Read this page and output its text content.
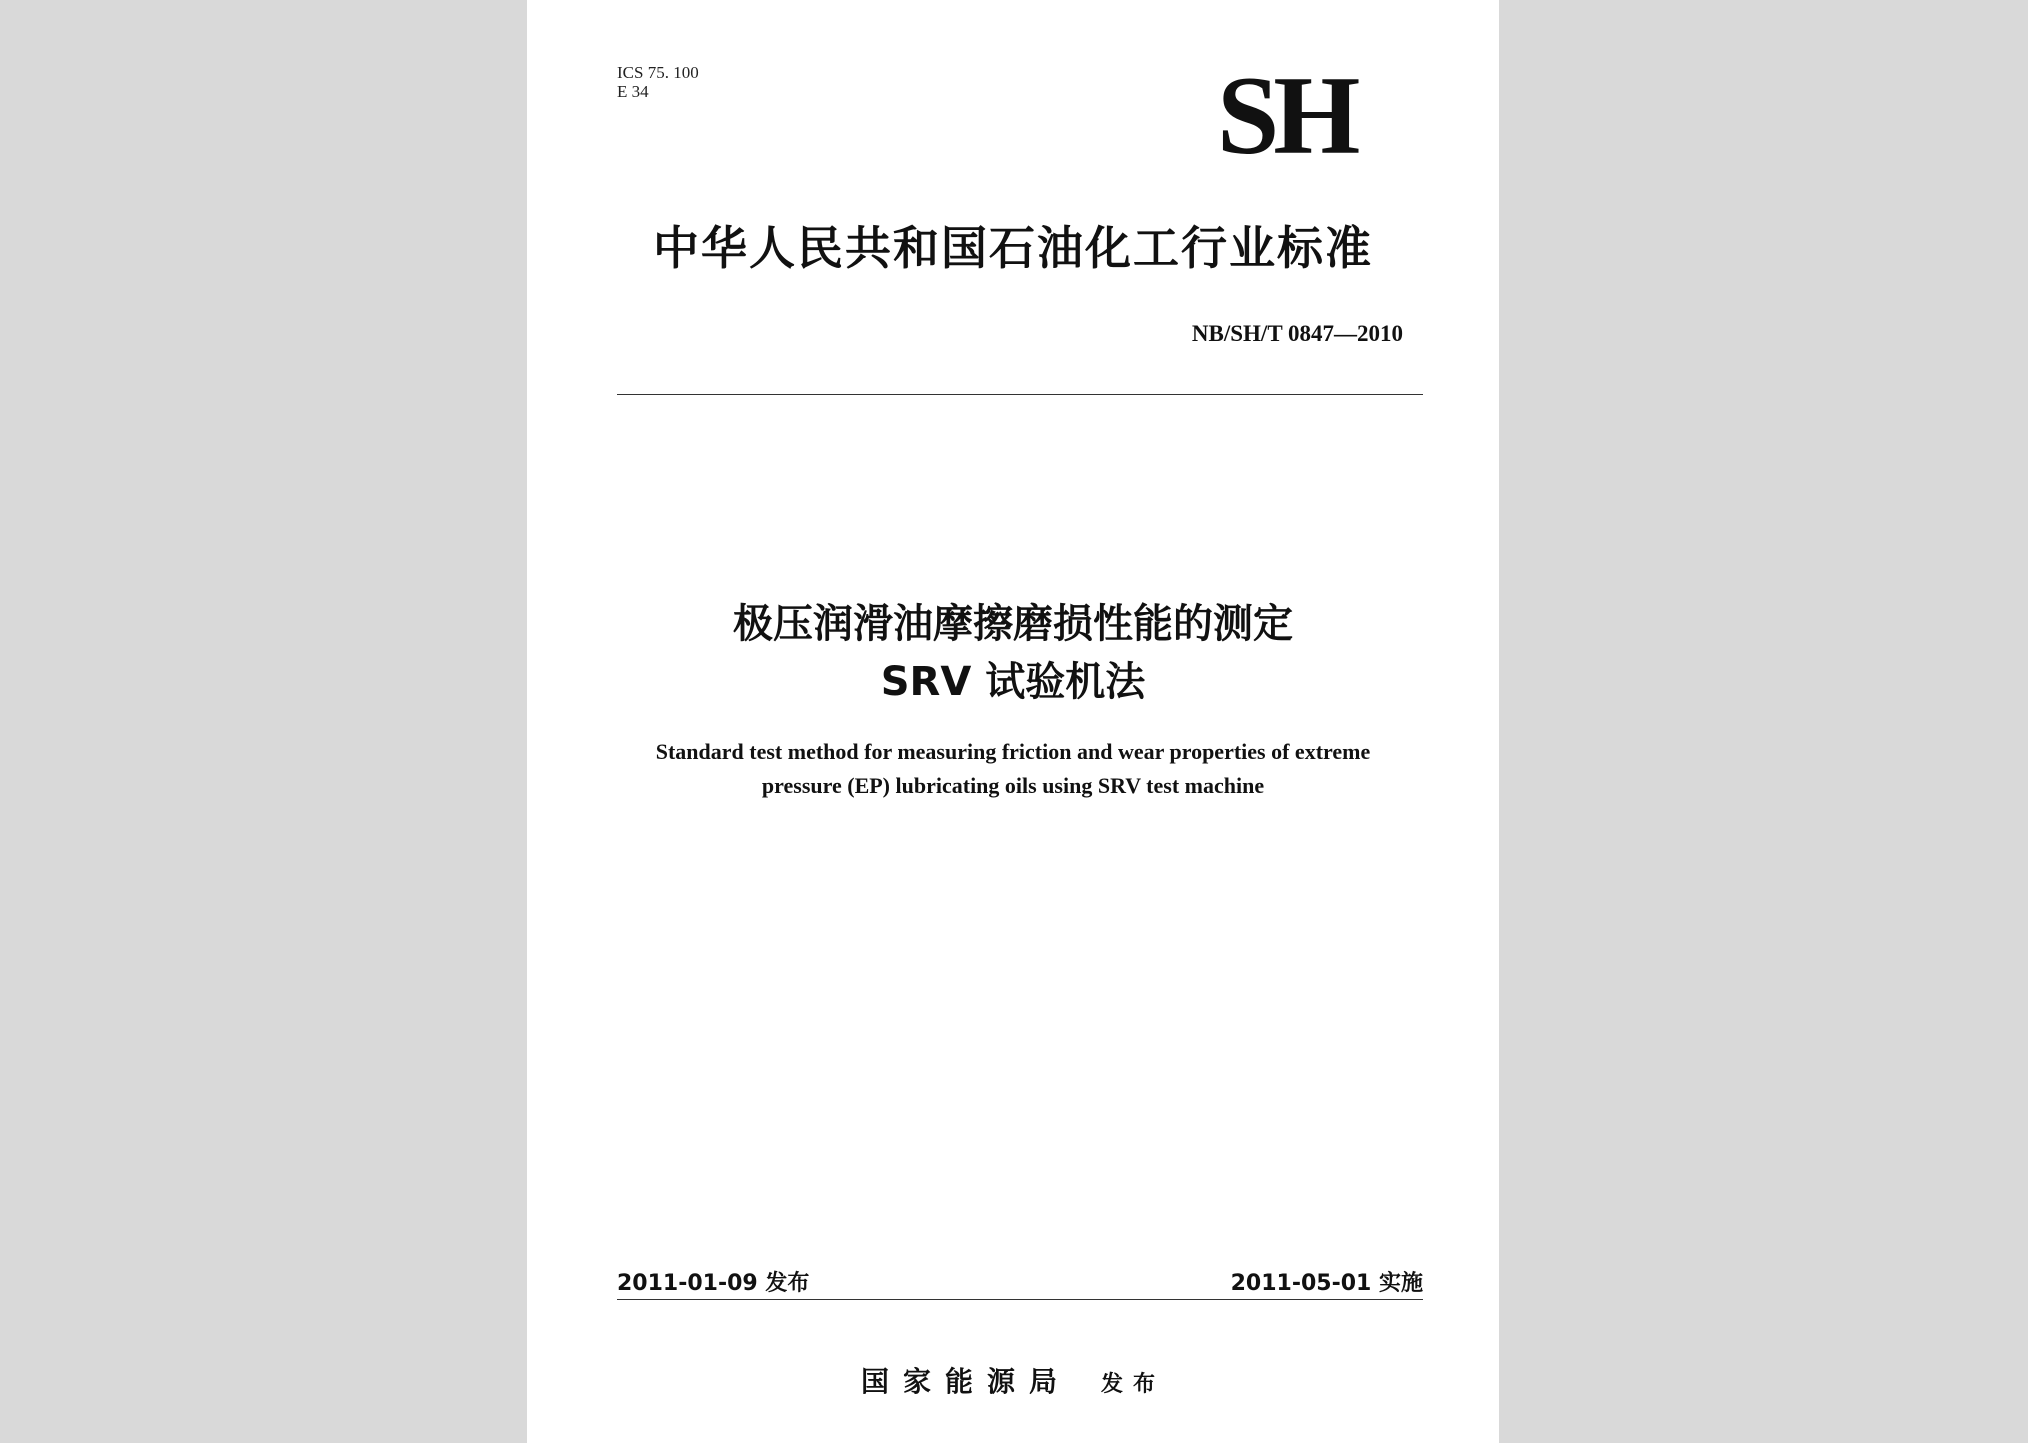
ICS 75. 100
E 34	SH
中华人民共和国石油化工行业标准
NB/SH/T 0847—2010
极压润滑油摩擦磨损性能的测定
SRV 试验机法
Standard test method for measuring friction and wear properties of extreme
pressure (EP) lubricating oils using SRV test machine
2011-01-09 发布	2011-05-01 实施
国家能源局 发布
